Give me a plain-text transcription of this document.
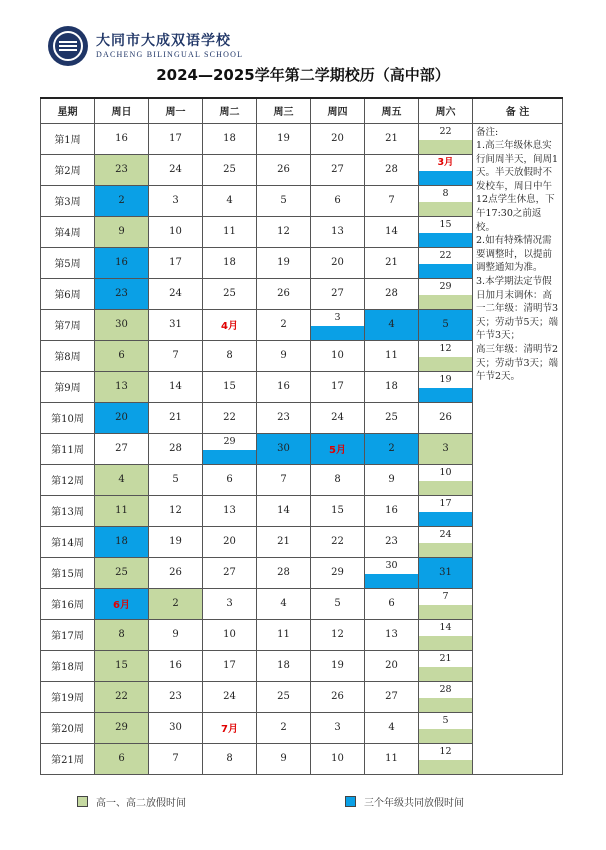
大同市大成双语学校
DACHENG BILINGUAL SCHOOL
2024—2025学年第二学期校历（高中部）
星期	周日	周一	周二	周三	周四	周五	周六	备 注
第1周	16	17	18	19	20	21	22	备注:

1.高三年级休息实行间周半天，间周1天。半天放假时不发校车，周日中午12点学生休息，下午17:30之前返校。

2.如有特殊情况需要调整时，以提前调整通知为准。

3.本学期法定节假日加月末调休：高一二年级：清明节3天；劳动节5天；端午节3天；

高三年级：清明节2天；劳动节3天；端午节2天。

第2周	23	24	25	26	27	28	3月	

第3周	2	3	4	5	6	7	8	

第4周	9	10	11	12	13	14	15	

第5周	16	17	18	19	20	21	22	

第6周	23	24	25	26	27	28	29	

第7周	30	31	4月	2	3	4	5	
第8周	6	7	8	9	10	11	12	

第9周	13	14	15	16	17	18	19	

第10周	20	21	22	23	24	25	26	
第11周	27	28	29	30	5月	2	3	
第12周	4	5	6	7	8	9	10	

第13周	11	12	13	14	15	16	17	

第14周	18	19	20	21	22	23	24	

第15周	25	26	27	28	29	30	31	
第16周	6月	2	3	4	5	6	7	

第17周	8	9	10	11	12	13	14	

第18周	15	16	17	18	19	20	21	

第19周	22	23	24	25	26	27	28	

第20周	29	30	7月	2	3	4	5	

第21周	6	7	8	9	10	11	12	
高一、高二放假时间	三个年级共同放假时间
